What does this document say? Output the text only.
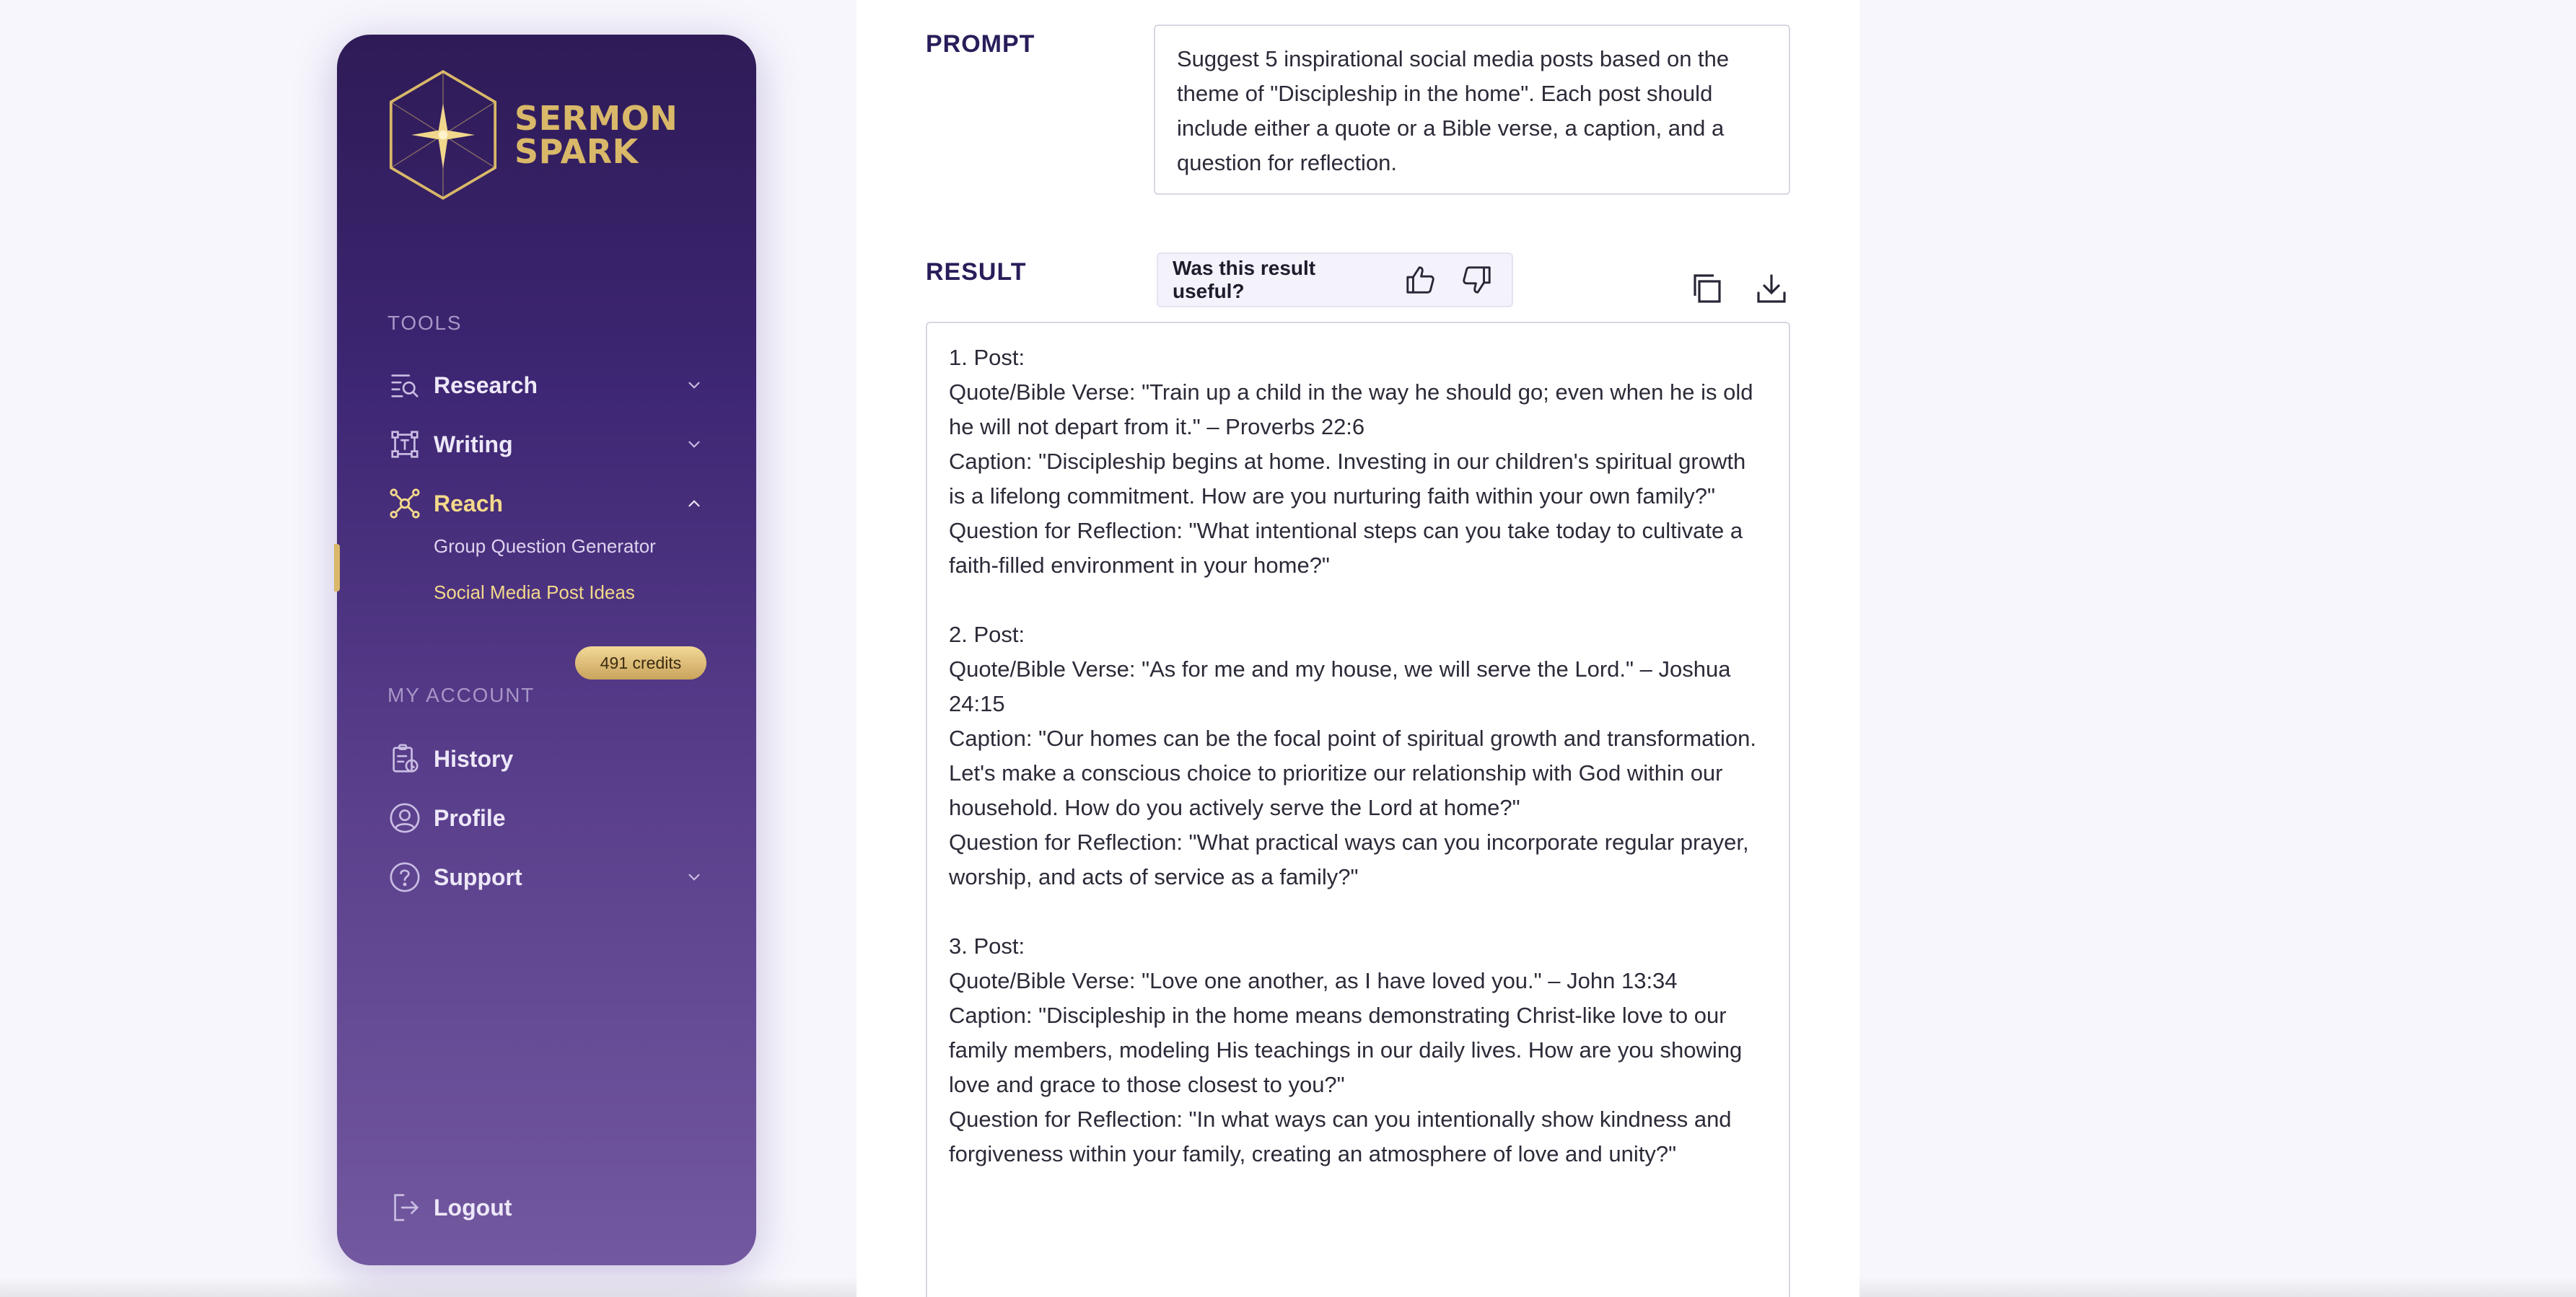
SERMON
SPARK
TOOLS
Research
Writing
Reach
Group Question Generator
Social Media Post Ideas
MY ACCOUNT
491 credits
History
Profile
Support
Logout
PROMPT
Suggest 5 inspirational social media posts based on the theme of "Discipleship in the home". Each post should include either a quote or a Bible verse, a caption, and a question for reflection.
RESULT	Was this result useful?

1. Post:

Quote/Bible Verse: "Train up a child in the way he should go; even when he is old he will not depart from it." – Proverbs 22:6

Caption: "Discipleship begins at home. Investing in our children's spiritual growth is a lifelong commitment. How are you nurturing faith within your own family?"

Question for Reflection: "What intentional steps can you take today to cultivate a faith-filled environment in your home?"

2. Post:

Quote/Bible Verse: "As for me and my house, we will serve the Lord." – Joshua 24:15

Caption: "Our homes can be the focal point of spiritual growth and transformation. Let's make a conscious choice to prioritize our relationship with God within our household. How do you actively serve the Lord at home?"

Question for Reflection: "What practical ways can you incorporate regular prayer, worship, and acts of service as a family?"

3. Post:

Quote/Bible Verse: "Love one another, as I have loved you." – John 13:34

Caption: "Discipleship in the home means demonstrating Christ-like love to our family members, modeling His teachings in our daily lives. How are you showing love and grace to those closest to you?"

Question for Reflection: "In what ways can you intentionally show kindness and forgiveness within your family, creating an atmosphere of love and unity?"
